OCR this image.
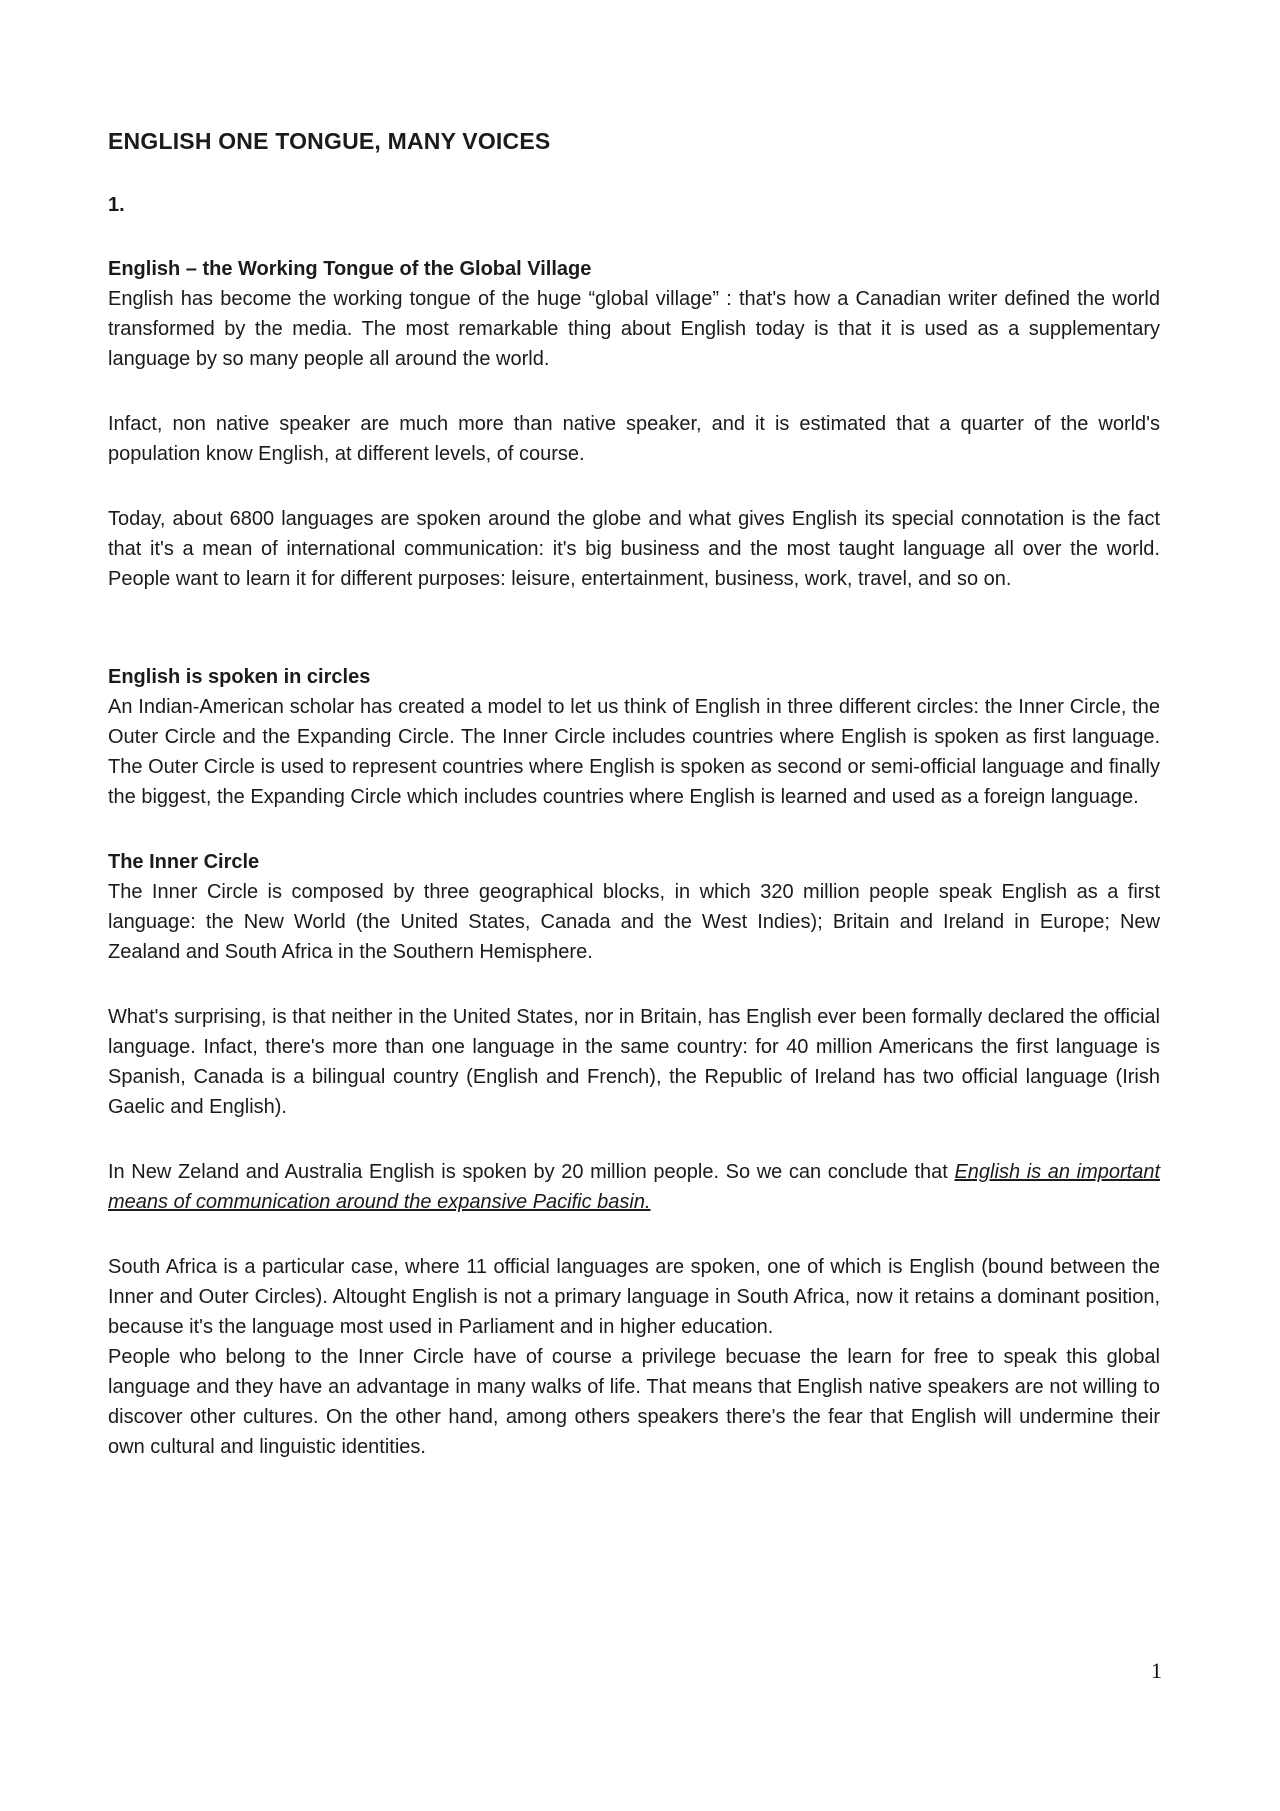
ENGLISH ONE TONGUE, MANY VOICES
1.
English – the Working Tongue of the Global Village

English has become the working tongue of the huge “global village” : that's how a Canadian writer defined the world transformed by the media. The most remarkable thing about English today is that it is used as a supplementary language by so many people all around the world.

Infact, non native speaker are much more than native speaker, and it is estimated that a quarter of the world's population know English, at different levels, of course.

Today, about 6800 languages are spoken around the globe and what gives English its special connotation is the fact that it's a mean of international communication: it's big business and the most taught language all over the world. People want to learn it for different purposes: leisure, entertainment, business, work, travel, and so on.

English is spoken in circles

An Indian-American scholar has created a model to let us think of English in three different circles: the Inner Circle, the Outer Circle and the Expanding Circle. The Inner Circle includes countries where English is spoken as first language. The Outer Circle is used to represent countries where English is spoken as second or semi-official language and finally the biggest, the Expanding Circle which includes countries where English is learned and used as a foreign language.

The Inner Circle

The Inner Circle is composed by three geographical blocks, in which 320 million people speak English as a first language: the New World (the United States, Canada and the West Indies); Britain and Ireland in Europe; New Zealand and South Africa in the Southern Hemisphere.

What's surprising, is that neither in the United States, nor in Britain, has English ever been formally declared the official language. Infact, there's more than one language in the same country: for 40 million Americans the first language is Spanish, Canada is a bilingual country (English and French), the Republic of Ireland has two official language (Irish Gaelic and English).

In New Zeland and Australia English is spoken by 20 million people. So we can conclude that English is an important means of communication around the expansive Pacific basin.

South Africa is a particular case, where 11 official languages are spoken, one of which is English (bound between the Inner and Outer Circles). Altought English is not a primary language in South Africa, now it retains a dominant position, because it's the language most used in Parliament and in higher education.

People who belong to the Inner Circle have of course a privilege becuase the learn for free to speak this global language and they have an advantage in many walks of life. That means that English native speakers are not willing to discover other cultures. On the other hand, among others speakers there's the fear that English will undermine their own cultural and linguistic identities.

1
